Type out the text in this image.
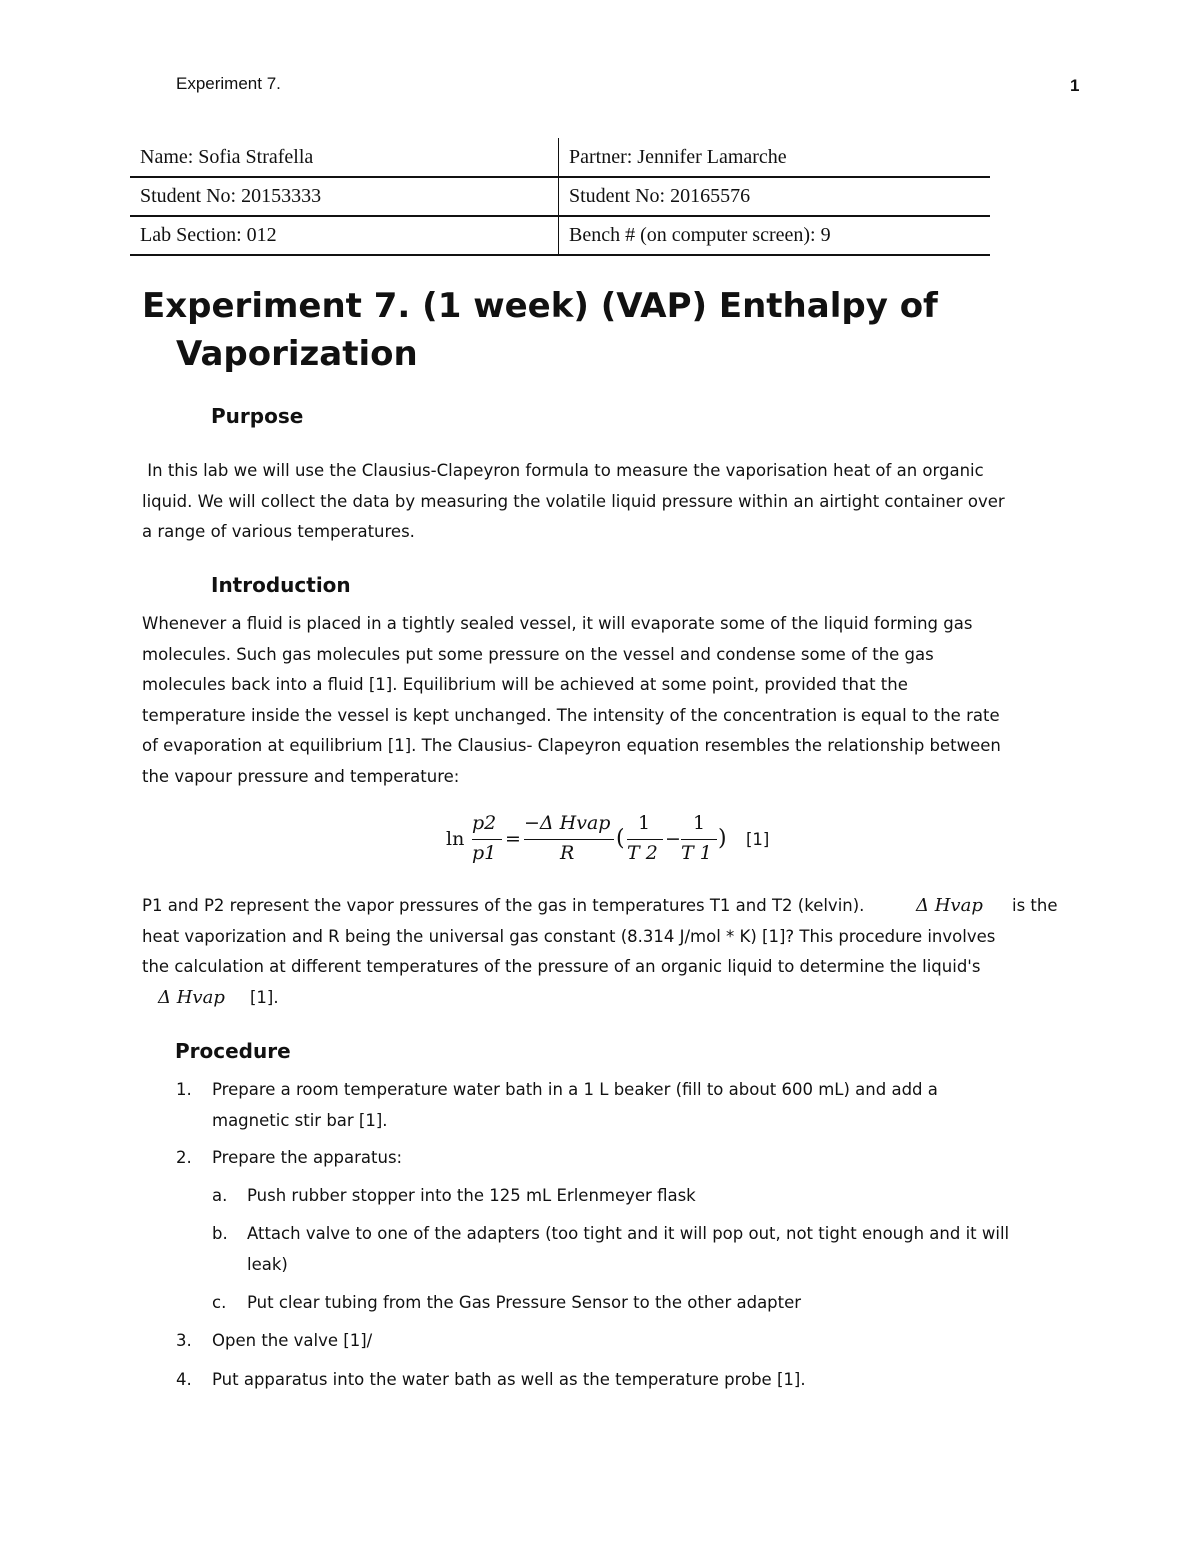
Experiment 7.	1
Name: Sofia Strafella	Partner: Jennifer Lamarche
Student No: 20153333	Student No: 20165576
Lab Section: 012	Bench # (on computer screen): 9
Experiment 7. (1 week) (VAP) Enthalpy of Vaporization
Purpose
In this lab we will use the Clausius-Clapeyron formula to measure the vaporisation heat of an organic
liquid. We will collect the data by measuring the volatile liquid pressure within an airtight container over
a range of various temperatures.
Introduction
Whenever a fluid is placed in a tightly sealed vessel, it will evaporate some of the liquid forming gas
molecules. Such gas molecules put some pressure on the vessel and condense some of the gas
molecules back into a fluid [1]. Equilibrium will be achieved at some point, provided that the
temperature inside the vessel is kept unchanged. The intensity of the concentration is equal to the rate
of evaporation at equilibrium [1]. The Clausius- Clapeyron equation resembles the relationship between
the vapour pressure and temperature:
ln
p2
p1
=
−Δ Hvap
R
(
1
T 2
−
1
T 1
) [1]
P1 and P2 represent the vapor pressures of the gas in temperatures T1 and T2 (kelvin).	Δ Hvap is the
heat vaporization and R being the universal gas constant (8.314 J/mol * K) [1]? This procedure involves
the calculation at different temperatures of the pressure of an organic liquid to determine the liquid's
Δ Hvap [1].
Procedure
1.	Prepare a room temperature water bath in a 1 L beaker (fill to about 600 mL) and add a
magnetic stir bar [1].
2.	Prepare the apparatus:
a.	Push rubber stopper into the 125 mL Erlenmeyer flask
b.	Attach valve to one of the adapters (too tight and it will pop out, not tight enough and it will
leak)
c.	Put clear tubing from the Gas Pressure Sensor to the other adapter
3.	Open the valve [1]/
4.	Put apparatus into the water bath as well as the temperature probe [1].
